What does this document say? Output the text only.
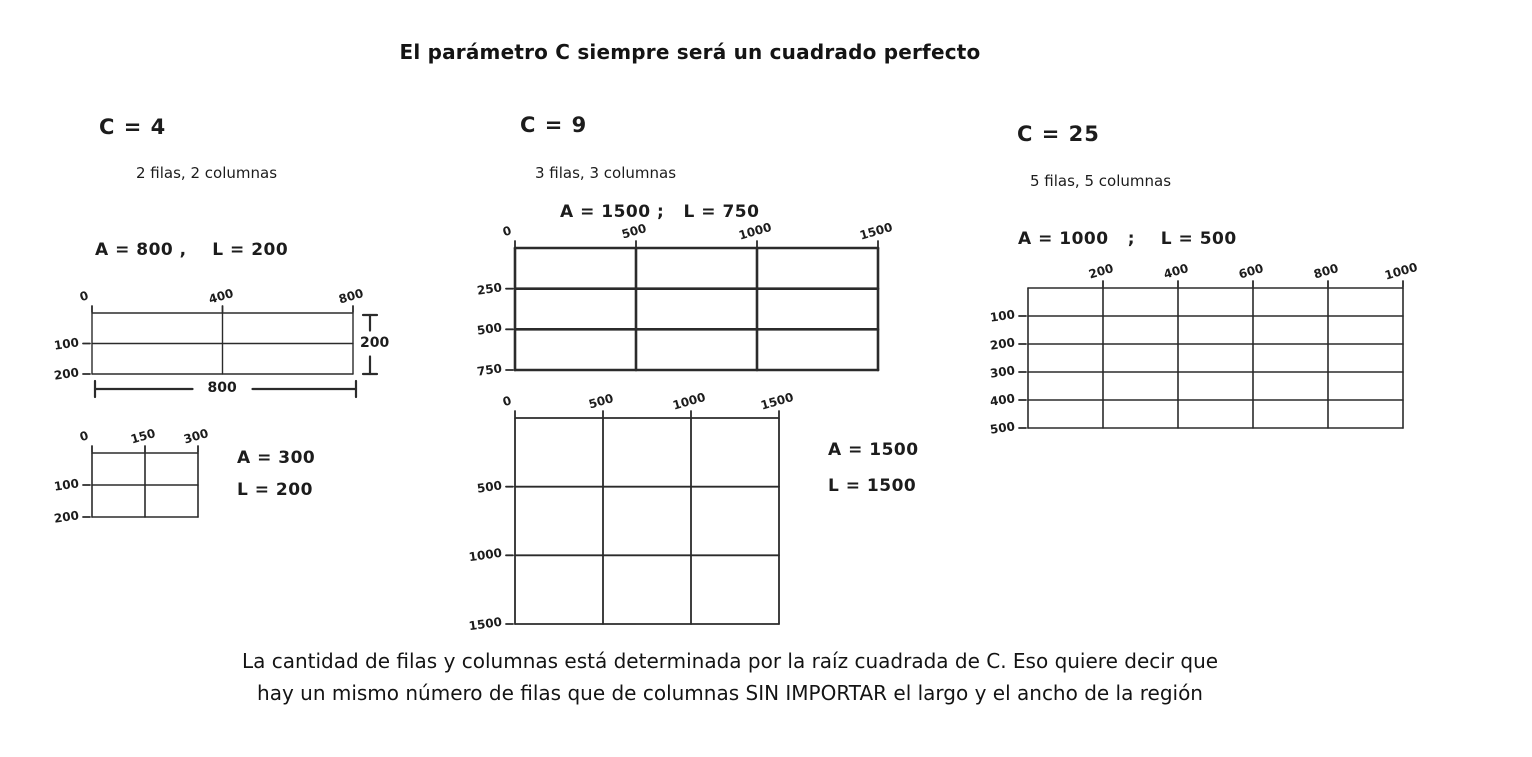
0	400	800
100
200
800
200
0	150 300
100
200
0	500	1000	1500
250
500
750
0	500	1000	1500
500
1000
1500
200	400	600	800	1000
100
200
300
400
500
El parámetro C siempre será un cuadrado perfecto
C = 4
2 filas, 2 columnas
A = 800 ,    L = 200
A = 300
L = 200
C = 9
3 filas, 3 columnas
A = 1500 ;   L = 750
A = 1500
L = 1500
C = 25
5 filas, 5 columnas
A = 1000   ;    L = 500
La cantidad de filas y columnas está determinada por la raíz cuadrada de C. Eso quiere decir que
hay un mismo número de filas que de columnas SIN IMPORTAR el largo y el ancho de la región
